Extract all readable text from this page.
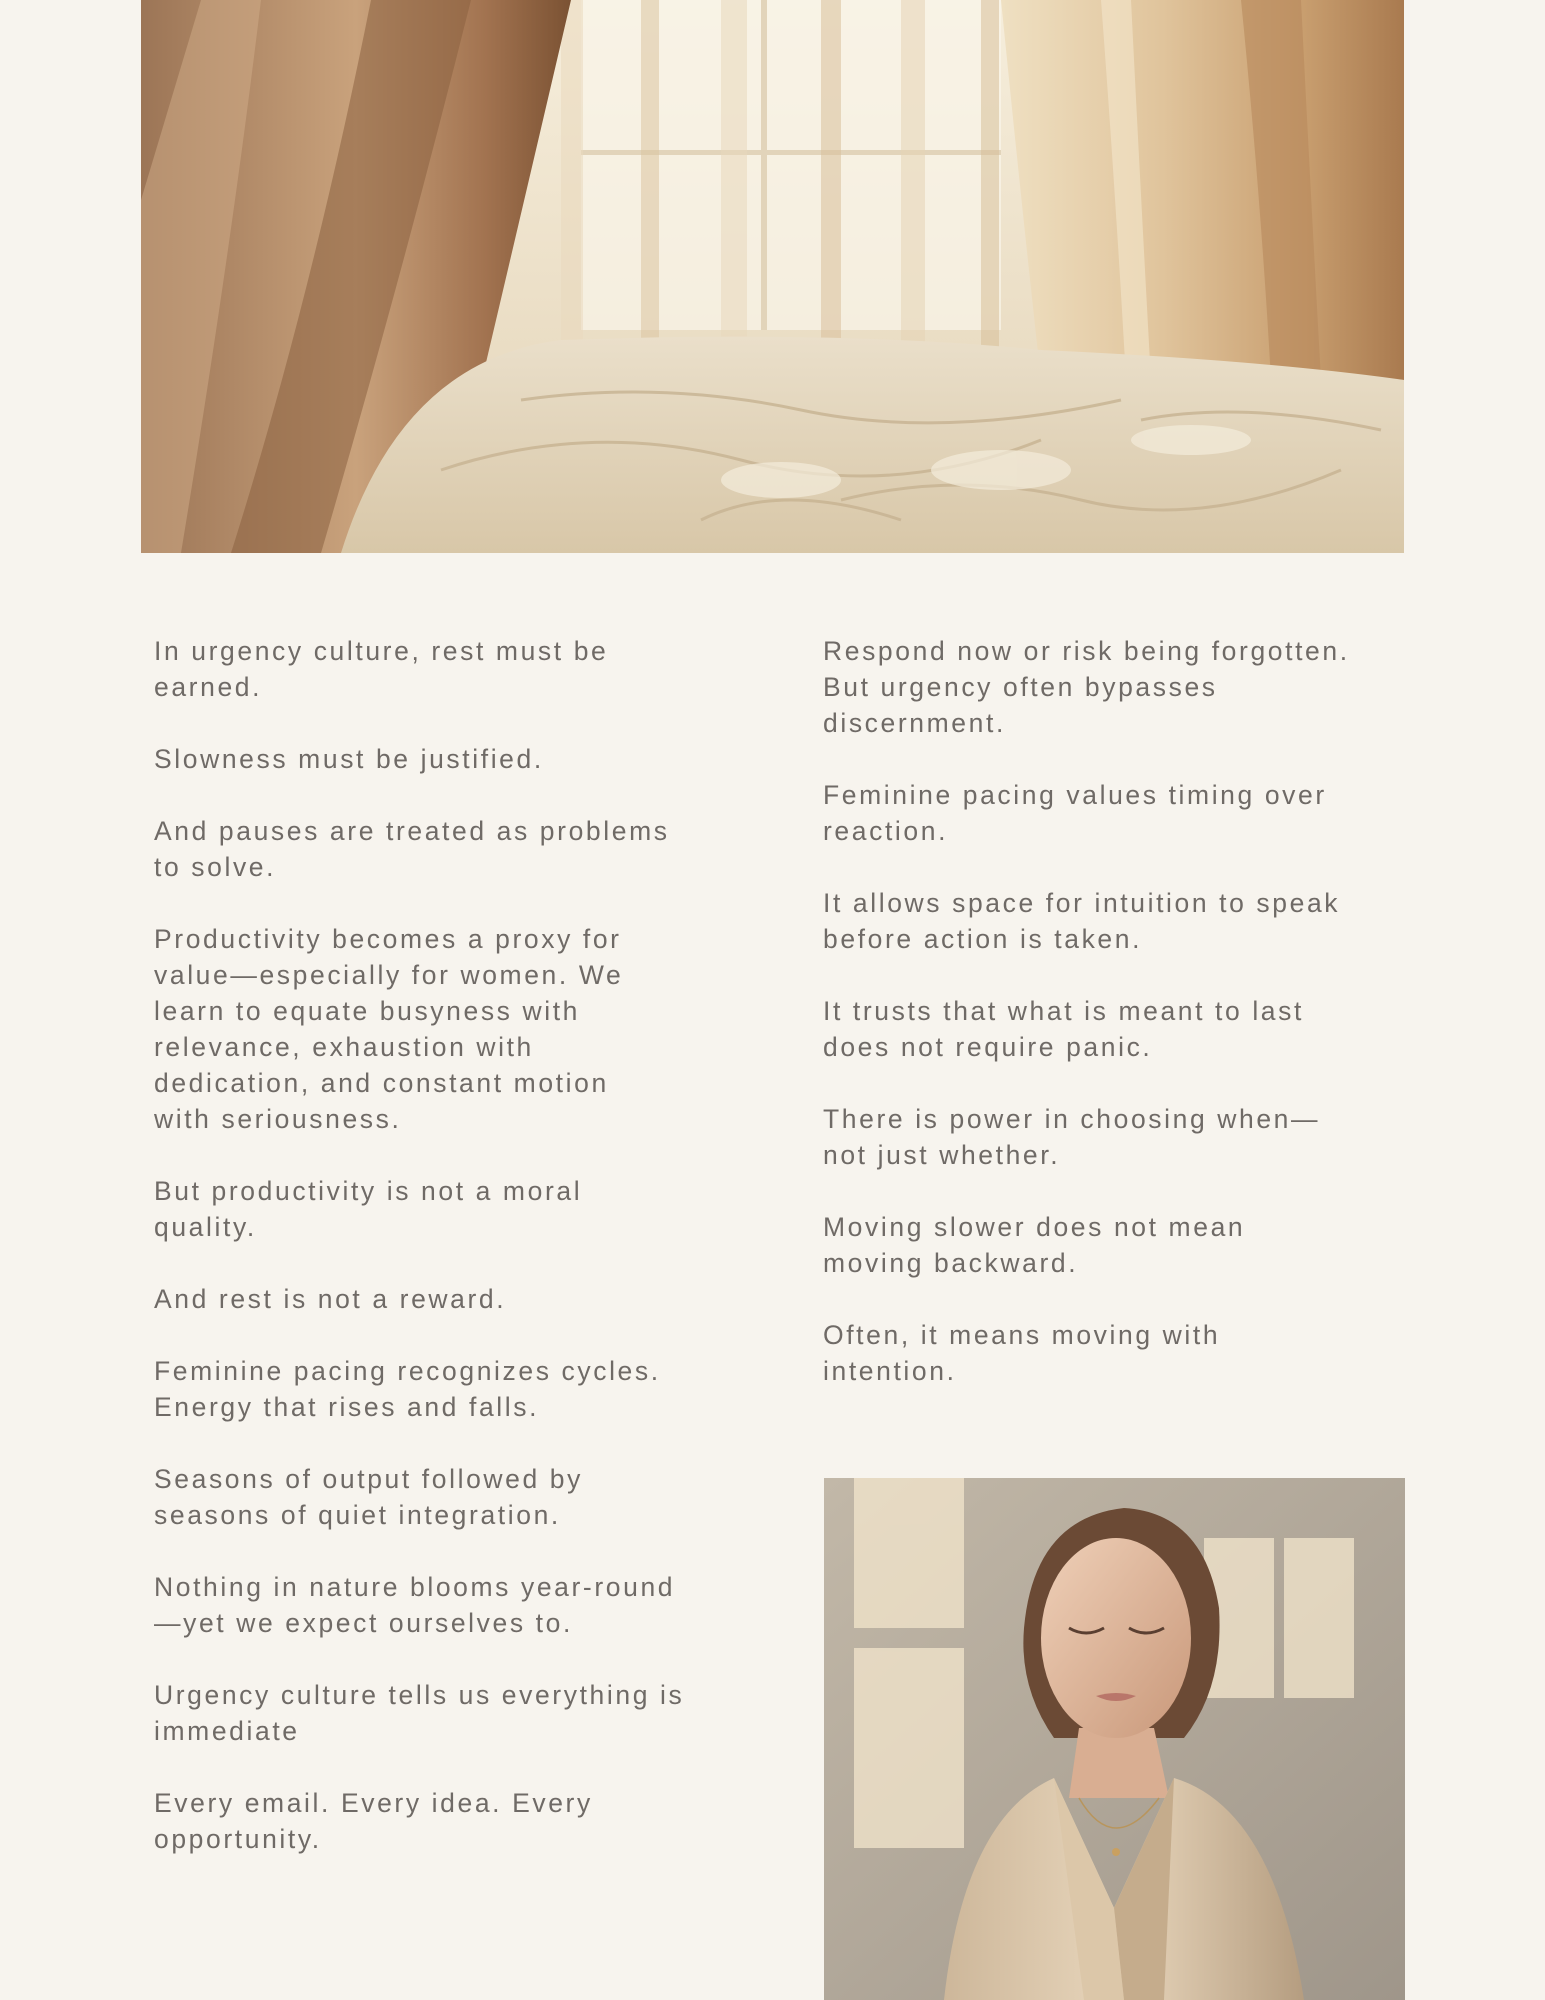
In urgency culture, rest must be
earned.

Slowness must be justified.

And pauses are treated as problems
to solve.

Productivity becomes a proxy for
value—especially for women. We
learn to equate busyness with
relevance, exhaustion with
dedication, and constant motion
with seriousness.

But productivity is not a moral
quality.

And rest is not a reward.

Feminine pacing recognizes cycles.
Energy that rises and falls.

Seasons of output followed by
seasons of quiet integration.

Nothing in nature blooms year-round
—yet we expect ourselves to.

Urgency culture tells us everything is
immediate

Every email. Every idea. Every
opportunity.

Respond now or risk being forgotten.
But urgency often bypasses
discernment.

Feminine pacing values timing over
reaction.

It allows space for intuition to speak
before action is taken.

It trusts that what is meant to last
does not require panic.

There is power in choosing when—
not just whether.

Moving slower does not mean
moving backward.

Often, it means moving with
intention.
